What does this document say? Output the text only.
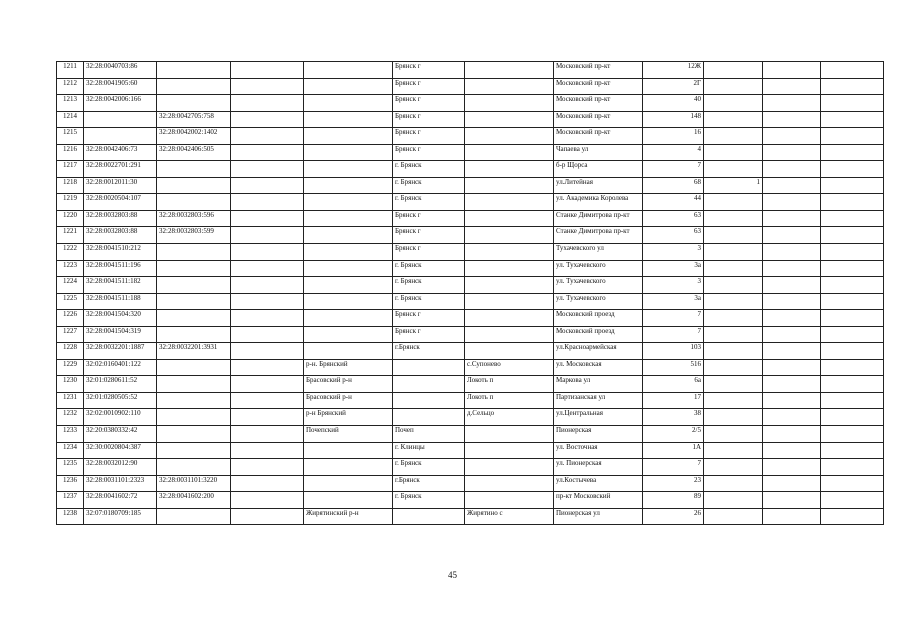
1211	32:28:0040703:86				Брянск г		Московский пр-кт	12Ж			
1212	32:28:0041905:60				Брянск г		Московский пр-кт	2Г			
1213	32:28:0042006:166				Брянск г		Московский пр-кт	40			
1214		32:28:0042705:758			Брянск г		Московский пр-кт	148			
1215		32:28:0042002:1402			Брянск г		Московский пр-кт	16			
1216	32:28:0042406:73	32:28:0042406:505			Брянск г		Чапаева ул	4			
1217	32:28:0022701:291				г. Брянск		б-р Щорса	7			
1218	32:28:0012011:30				г. Брянск		ул.Литейная	68	1		
1219	32:28:0020504:107				г. Брянск		ул. Академика Королева	44			
1220	32:28:0032803:88	32:28:0032803:596			Брянск г		Станке Димитрова пр-кт	63			
1221	32:28:0032803:88	32:28:0032803:599			Брянск г		Станке Димитрова пр-кт	63			
1222	32:28:0041510:212				Брянск г		Тухачевского ул	3			
1223	32:28:0041511:196				г. Брянск		ул. Тухачевского	3а			
1224	32:28:0041511:182				г. Брянск		ул. Тухачевского	3			
1225	32:28:0041511:188				г. Брянск		ул. Тухачевского	3а			
1226	32:28:0041504:320				Брянск г		Московский проезд	7			
1227	32:28:0041504:319				Брянск г		Московский проезд	7			
1228	32:28:0032201:1887	32:28:0032201:3931			г.Брянск		ул.Красноармейская	103			
1229	32:02:0160401:122			р-н. Брянский		с.Супонево	ул. Московская	516			
1230	32:01:0280611:52			Брасовский р-н		Локоть п	Маркова ул	6а			
1231	32:01:0280505:52			Брасовский р-н		Локоть п	Партизанская ул	17			
1232	32:02:0010902:110			р-н Брянский		д.Сельцо	ул.Центральная	38			
1233	32:20:0380332:42			Почепский	Почеп		Пионерская	2/5			
1234	32:30:0020804:387				г. Клинцы		ул. Восточная	1А			
1235	32:28:0032012:90				г. Брянск		ул. Пионерская	7			
1236	32:28:0031101:2323	32:28:0031101:3220			г.Брянск		ул.Костычева	23			
1237	32:28:0041602:72	32:28:0041602:200			г. Брянск		пр-кт Московский	89			
1238	32:07:0180709:185			Жирятинский р-н		Жирятино с	Пионерская ул	26			
45
